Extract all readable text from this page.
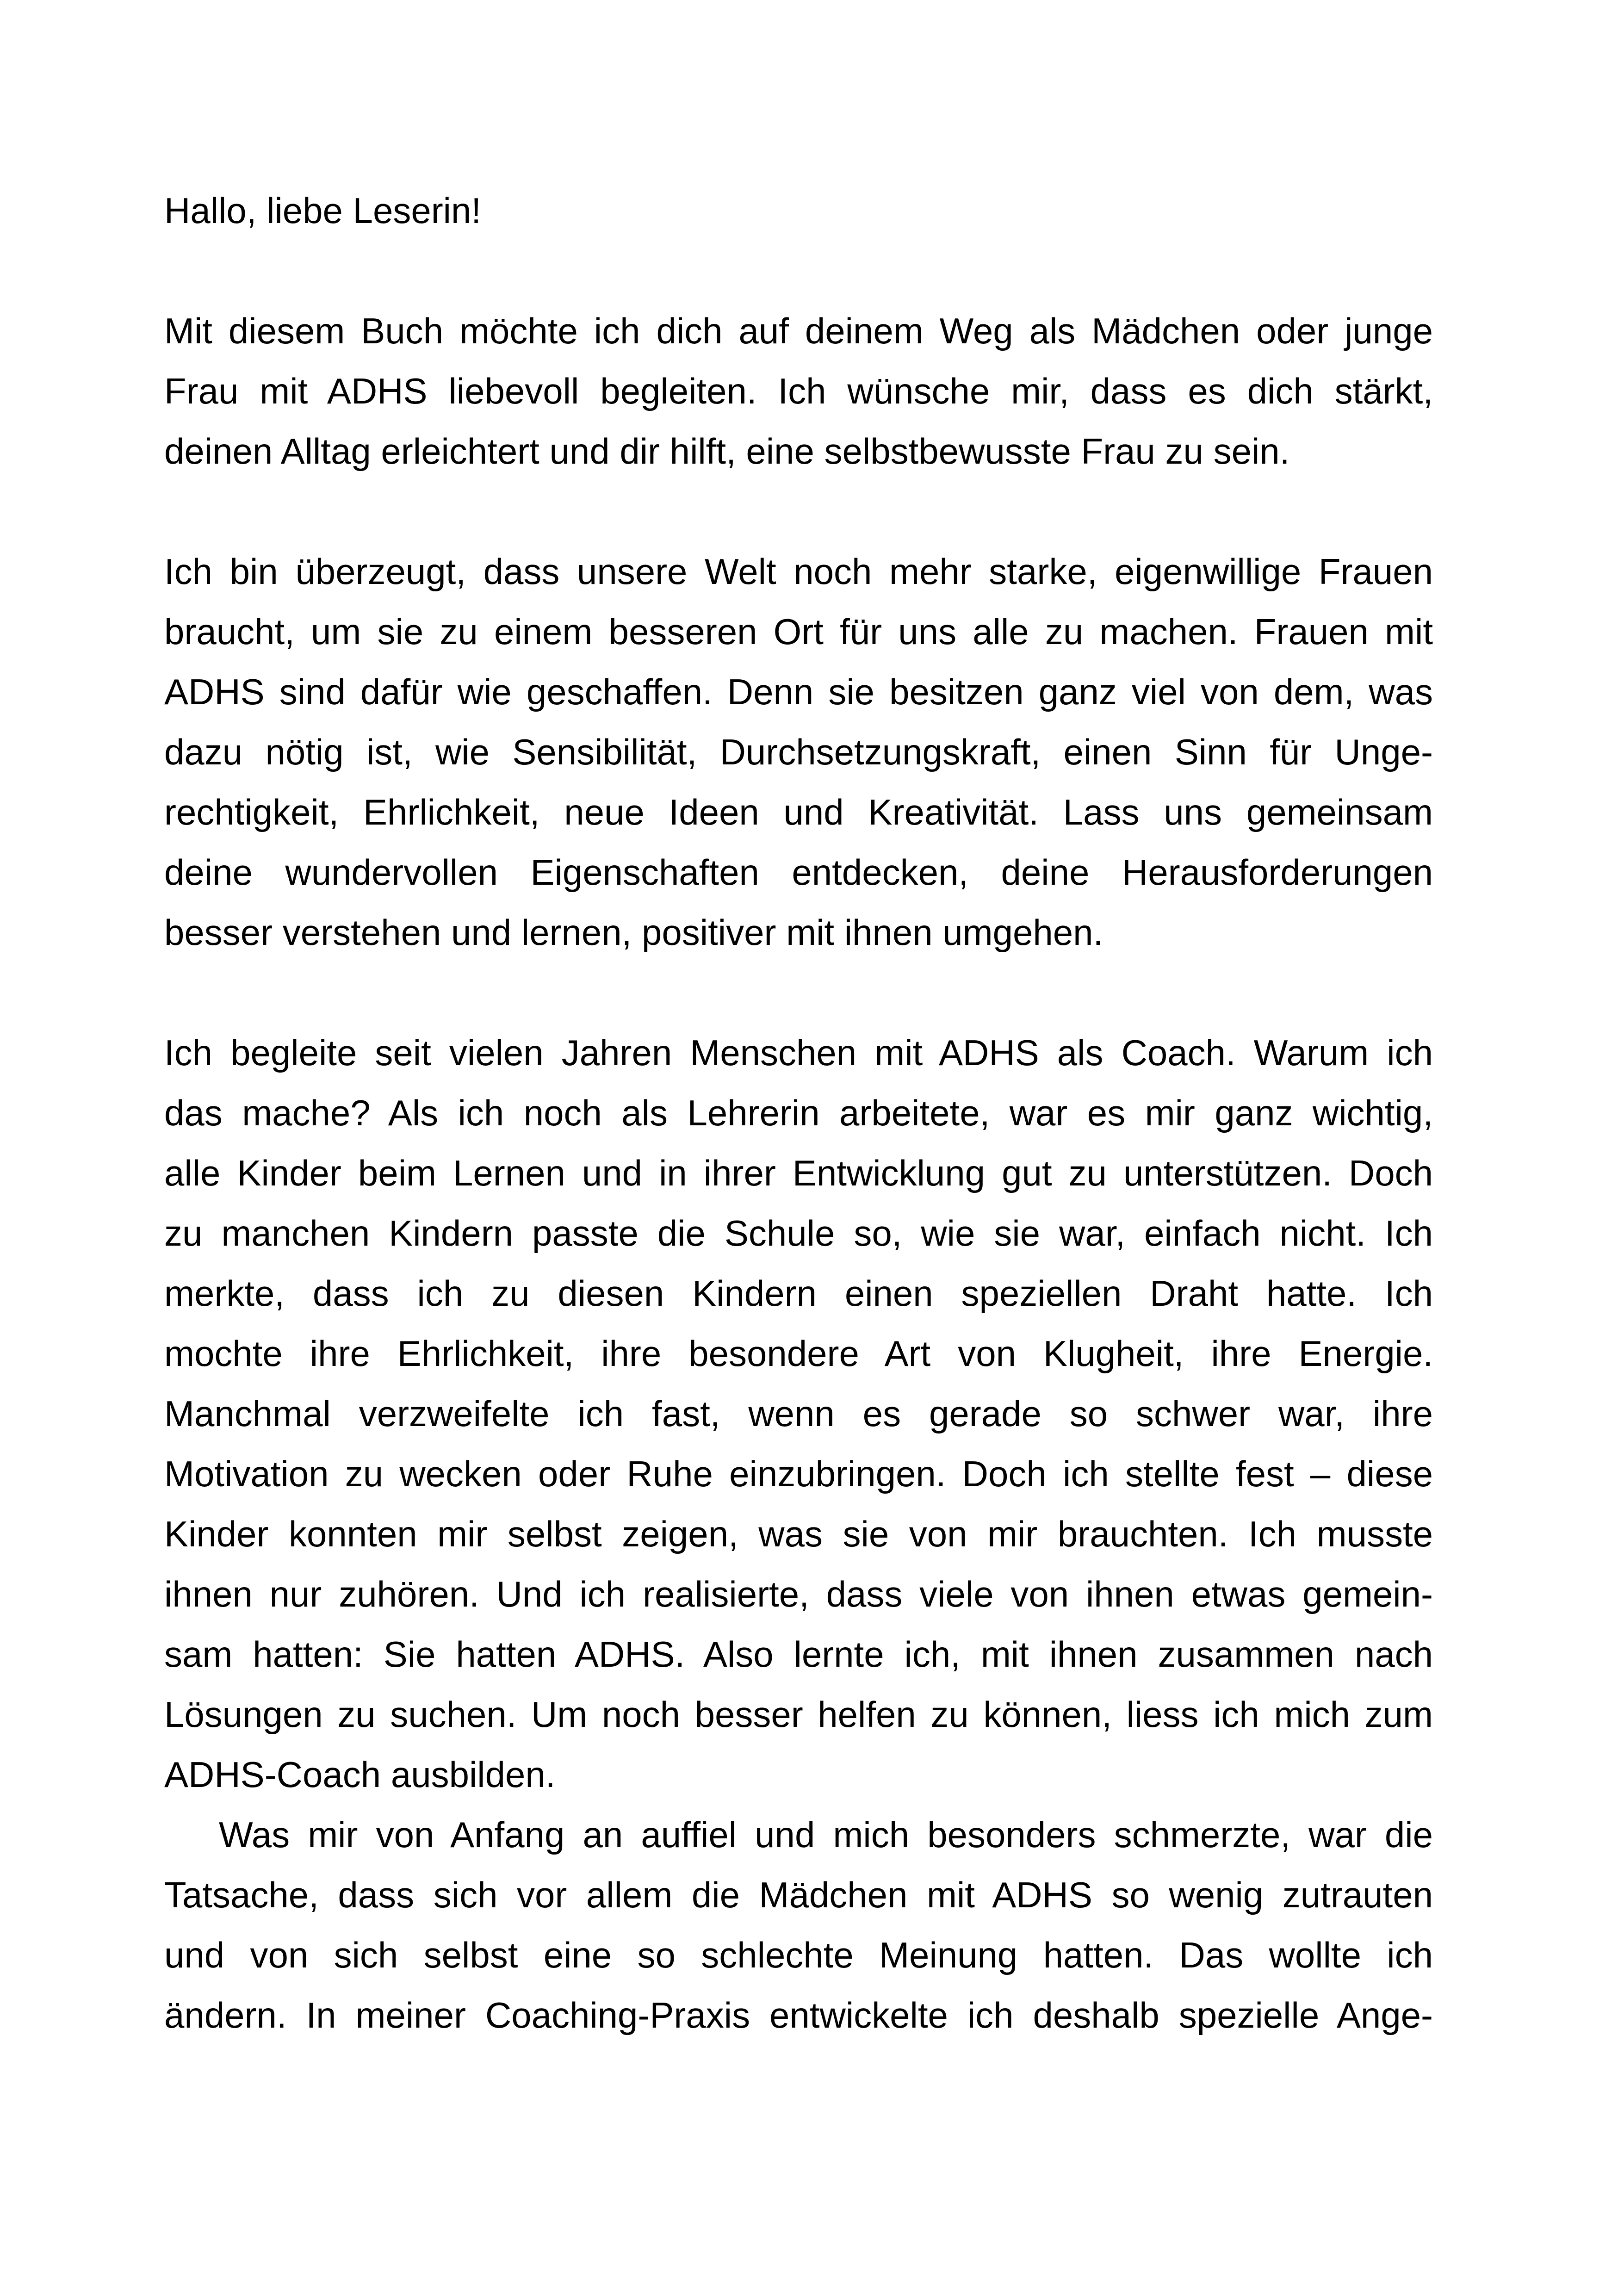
Hallo, liebe Leserin!
Mit diesem Buch möchte ich dich auf deinem Weg als Mädchen oder junge
Frau mit ADHS liebevoll begleiten. Ich wünsche mir, dass es dich stärkt,
deinen Alltag erleichtert und dir hilft, eine selbstbewusste Frau zu sein.
Ich bin überzeugt, dass unsere Welt noch mehr starke, eigenwillige Frauen
braucht, um sie zu einem besseren Ort für uns alle zu machen. Frauen mit
ADHS sind dafür wie geschaffen. Denn sie besitzen ganz viel von dem, was
dazu nötig ist, wie Sensibilität, Durchsetzungskraft, einen Sinn für Unge-
rechtigkeit, Ehrlichkeit, neue Ideen und Kreativität. Lass uns gemeinsam
deine wundervollen Eigenschaften entdecken, deine Herausforderungen
besser verstehen und lernen, positiver mit ihnen umgehen.
Ich begleite seit vielen Jahren Menschen mit ADHS als Coach. Warum ich
das mache? Als ich noch als Lehrerin arbeitete, war es mir ganz wichtig,
alle Kinder beim Lernen und in ihrer Entwicklung gut zu unterstützen. Doch
zu manchen Kindern passte die Schule so, wie sie war, einfach nicht. Ich
merkte, dass ich zu diesen Kindern einen speziellen Draht hatte. Ich
mochte ihre Ehrlichkeit, ihre besondere Art von Klugheit, ihre Energie.
Manchmal verzweifelte ich fast, wenn es gerade so schwer war, ihre
Motivation zu wecken oder Ruhe einzubringen. Doch ich stellte fest – diese
Kinder konnten mir selbst zeigen, was sie von mir brauchten. Ich musste
ihnen nur zuhören. Und ich realisierte, dass viele von ihnen etwas gemein-
sam hatten: Sie hatten ADHS. Also lernte ich, mit ihnen zusammen nach
Lösungen zu suchen. Um noch besser helfen zu können, liess ich mich zum
ADHS-Coach ausbilden.
Was mir von Anfang an auffiel und mich besonders schmerzte, war die
Tatsache, dass sich vor allem die Mädchen mit ADHS so wenig zutrauten
und von sich selbst eine so schlechte Meinung hatten. Das wollte ich
ändern. In meiner Coaching-Praxis entwickelte ich deshalb spezielle Ange-
